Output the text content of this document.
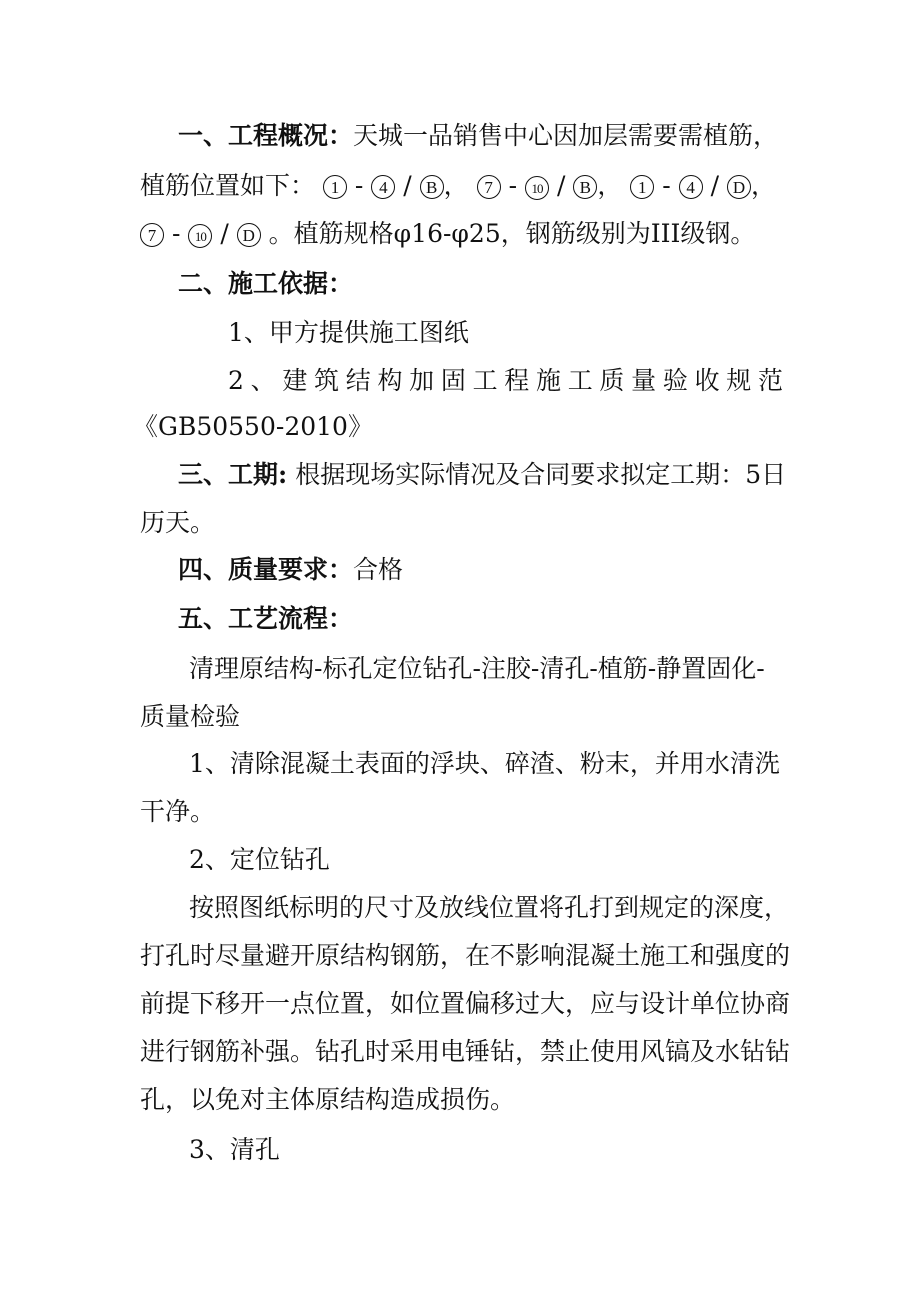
一、工程概况：天城一品销售中心因加层需要需植筋，
植筋位置如下： 1 - 4 / B ， 7 - 10 / B ， 1 - 4 / D ，
7 - 10 / D 。植筋规格φ16-φ25，钢筋级别为III级钢。
二、施工依据：
1、甲方提供施工图纸
2、建筑结构加固工程施工质量验收规范
《GB50550-2010》
三、工期: 根据现场实际情况及合同要求拟定工期：5日
历天。
四、质量要求：合格
五、工艺流程：
清理原结构-标孔定位钻孔-注胶-清孔-植筋-静置固化-
质量检验
1、清除混凝土表面的浮块、碎渣、粉末，并用水清洗
干净。
2、定位钻孔
按照图纸标明的尺寸及放线位置将孔打到规定的深度，
打孔时尽量避开原结构钢筋，在不影响混凝土施工和强度的
前提下移开一点位置，如位置偏移过大，应与设计单位协商
进行钢筋补强。钻孔时采用电锤钻，禁止使用风镐及水钻钻
孔，以免对主体原结构造成损伤。
3、清孔
